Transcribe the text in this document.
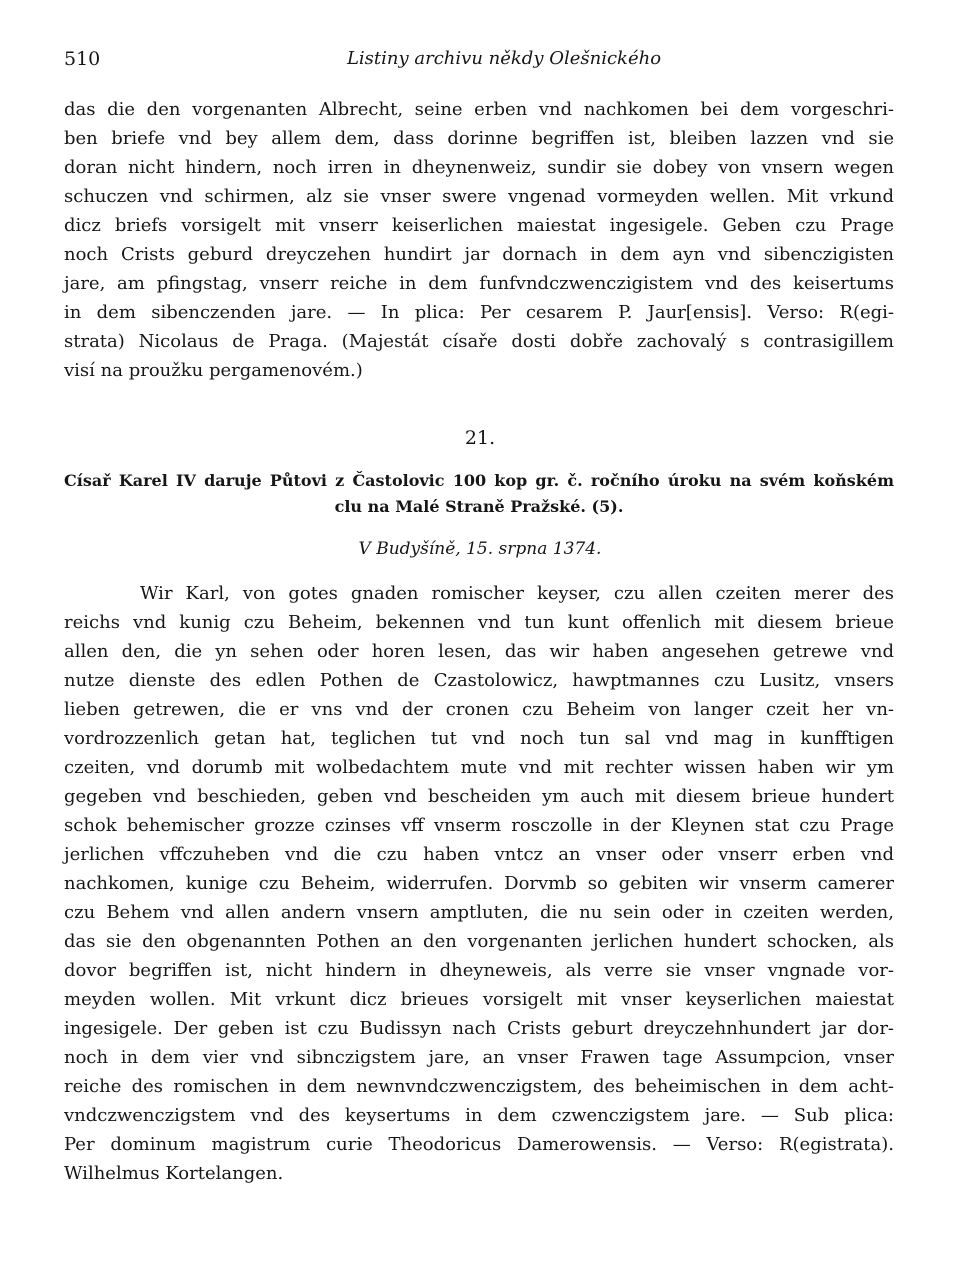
510	Listiny archivu někdy Olešnického
das die den vorgenanten Albrecht, seine erben vnd nachkomen bei dem vorgeschri-
ben briefe vnd bey allem dem, dass dorinne begriffen ist, bleiben lazzen vnd sie
doran nicht hindern, noch irren in dheynenweiz, sundir sie dobey von vnsern wegen
schuczen vnd schirmen, alz sie vnser swere vngenad vormeyden wellen. Mit vrkund
dicz briefs vorsigelt mit vnserr keiserlichen maiestat ingesigele. Geben czu Prage
noch Crists geburd dreyczehen hundirt jar dornach in dem ayn vnd sibenczigisten
jare, am pfingstag, vnserr reiche in dem funfvndczwenczigistem vnd des keisertums
in dem sibenczenden jare. — In plica: Per cesarem P. Jaur[ensis]. Verso: R(egi-
strata) Nicolaus de Praga. (Majestát císaře dosti dobře zachovalý s contrasigillem
visí na proužku pergamenovém.)
21.
Císař Karel IV daruje Půtovi z Častolovic 100 kop gr. č. ročního úroku na svém koňském
clu na Malé Straně Pražské. (5).
V Budyšíně, 15. srpna 1374.
Wir Karl, von gotes gnaden romischer keyser, czu allen czeiten merer des
reichs vnd kunig czu Beheim, bekennen vnd tun kunt offenlich mit diesem brieue
allen den, die yn sehen oder horen lesen, das wir haben angesehen getrewe vnd
nutze dienste des edlen Pothen de Czastolowicz, hawptmannes czu Lusitz, vnsers
lieben getrewen, die er vns vnd der cronen czu Beheim von langer czeit her vn-
vordrozzenlich getan hat, teglichen tut vnd noch tun sal vnd mag in kunfftigen
czeiten, vnd dorumb mit wolbedachtem mute vnd mit rechter wissen haben wir ym
gegeben vnd beschieden, geben vnd bescheiden ym auch mit diesem brieue hundert
schok behemischer grozze czinses vff vnserm rosczolle in der Kleynen stat czu Prage
jerlichen vffczuheben vnd die czu haben vntcz an vnser oder vnserr erben vnd
nachkomen, kunige czu Beheim, widerrufen. Dorvmb so gebiten wir vnserm camerer
czu Behem vnd allen andern vnsern amptluten, die nu sein oder in czeiten werden,
das sie den obgenannten Pothen an den vorgenanten jerlichen hundert schocken, als
dovor begriffen ist, nicht hindern in dheyneweis, als verre sie vnser vngnade vor-
meyden wollen. Mit vrkunt dicz brieues vorsigelt mit vnser keyserlichen maiestat
ingesigele. Der geben ist czu Budissyn nach Crists geburt dreyczehnhundert jar dor-
noch in dem vier vnd sibnczigstem jare, an vnser Frawen tage Assumpcion, vnser
reiche des romischen in dem newnvndczwenczigstem, des beheimischen in dem acht-
vndczwenczigstem vnd des keysertums in dem czwenczigstem jare. — Sub plica:
Per dominum magistrum curie Theodoricus Damerowensis. — Verso: R(egistrata).
Wilhelmus Kortelangen.
